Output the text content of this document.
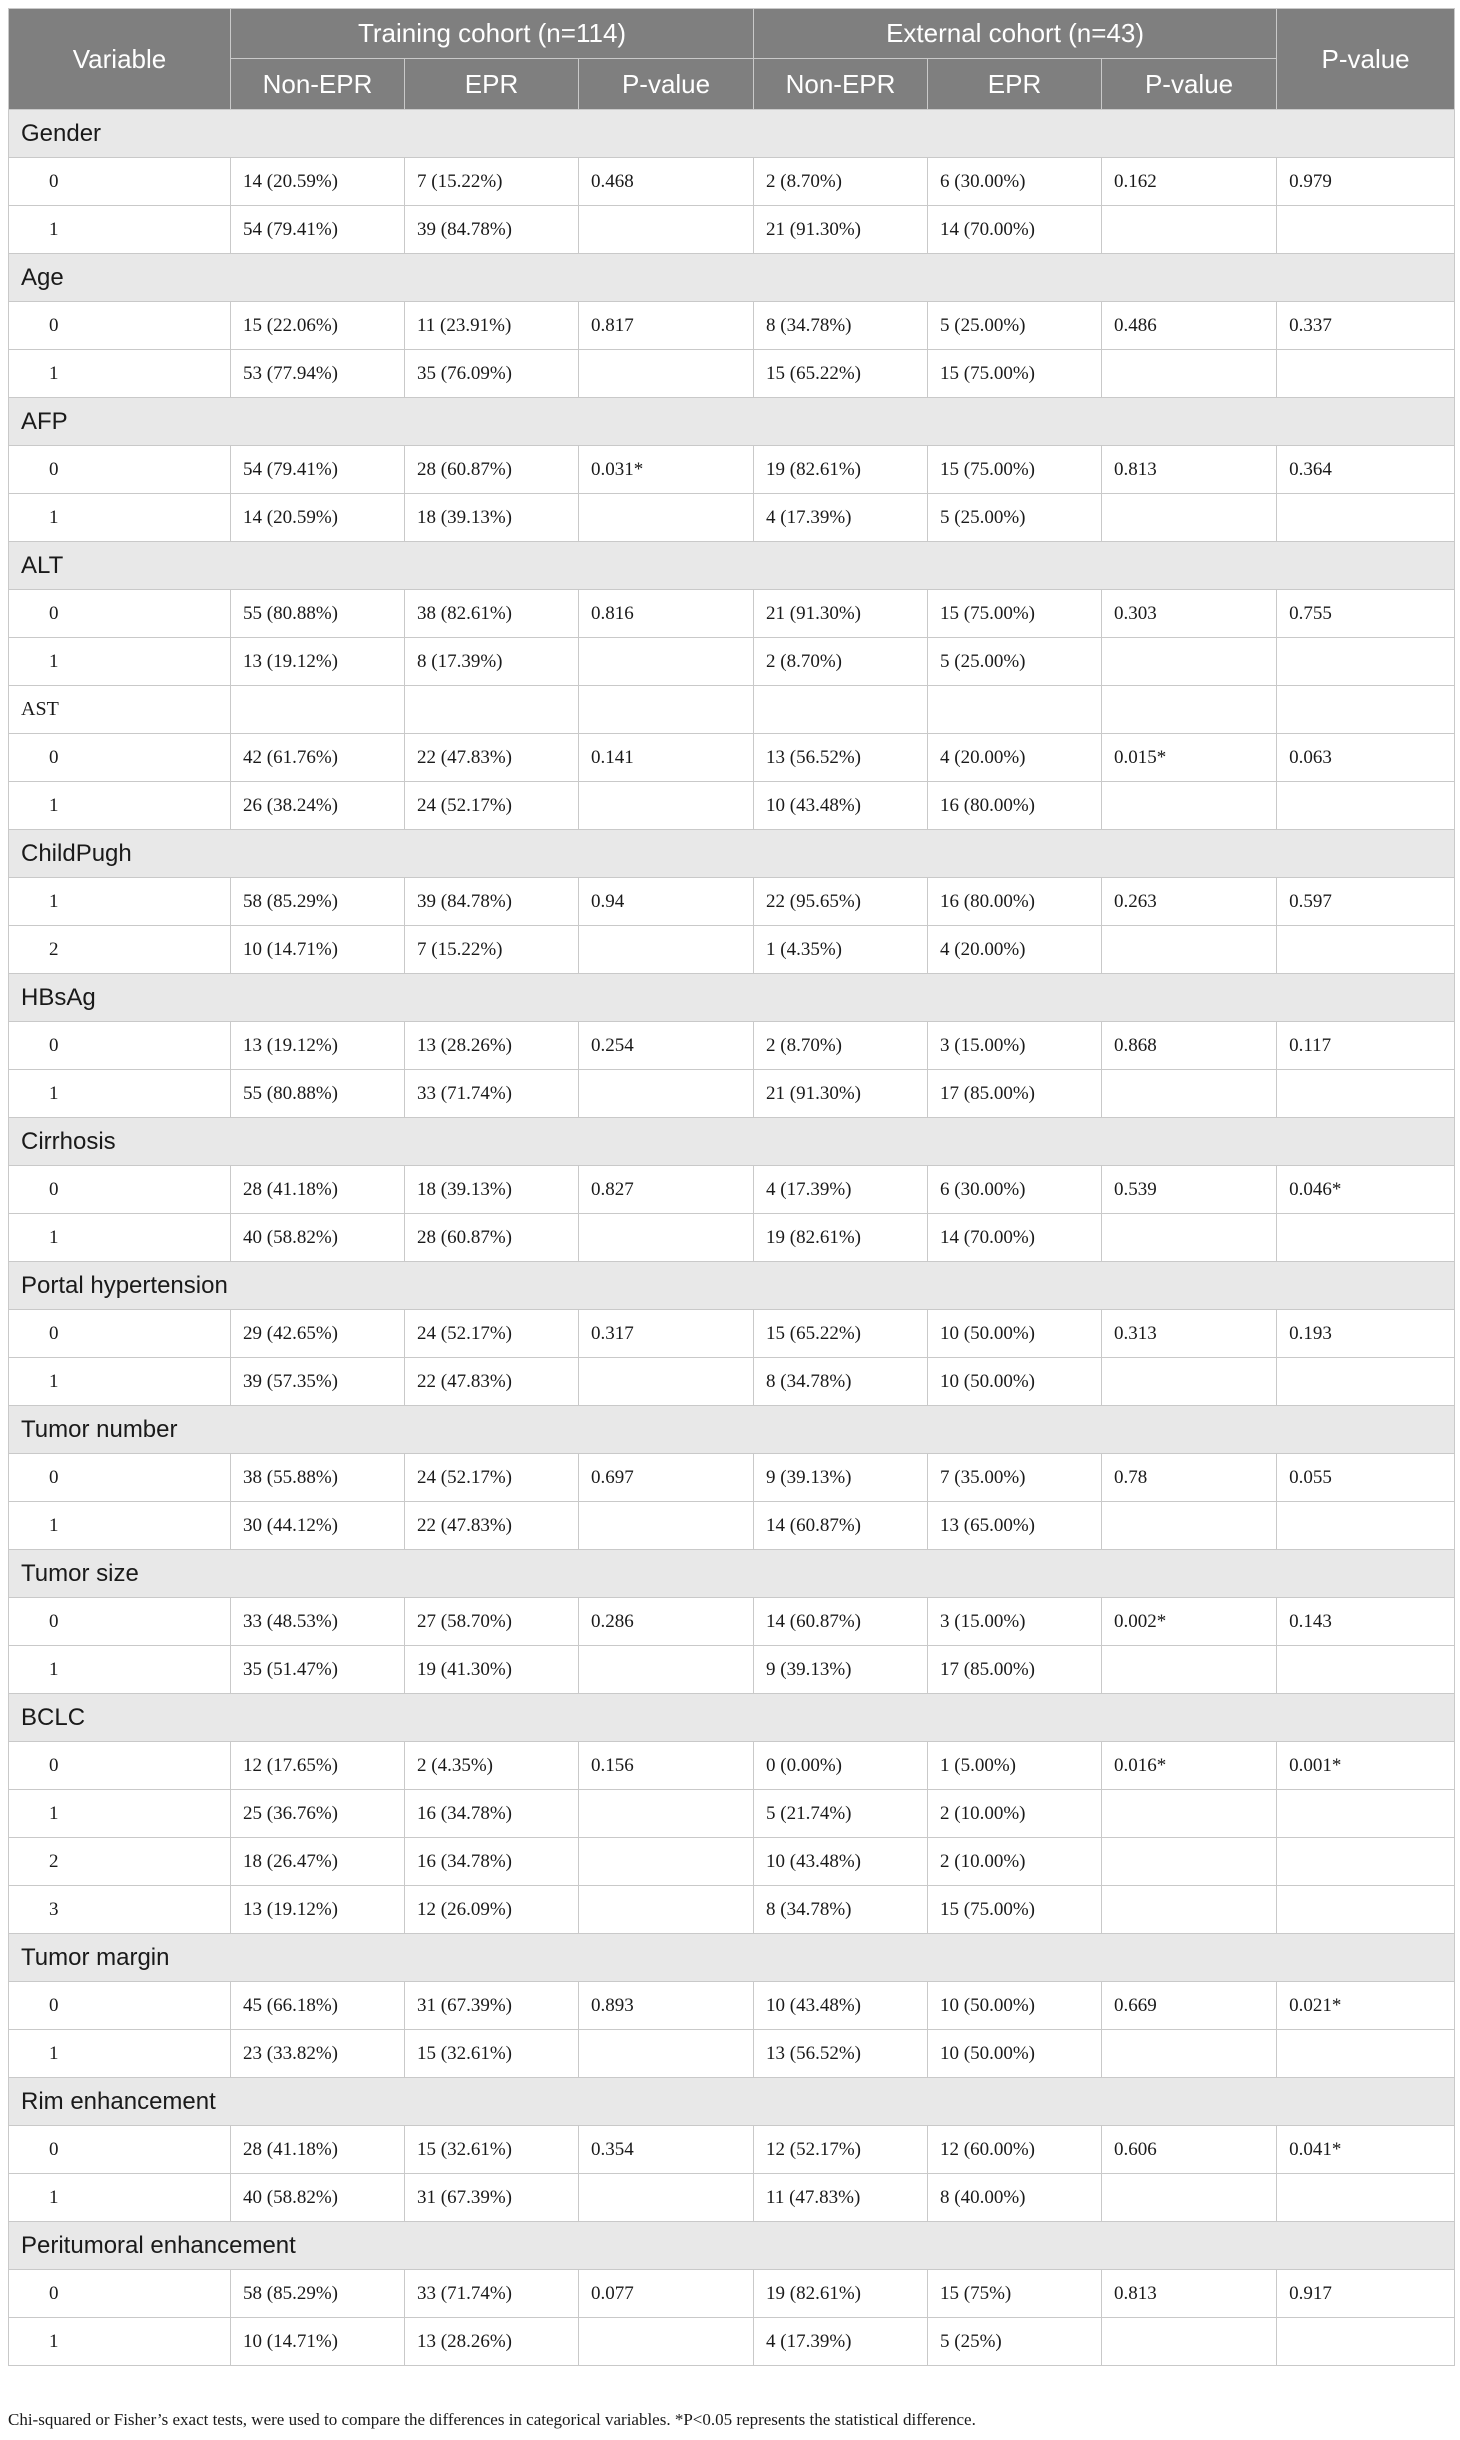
Variable	Training cohort (n=114)			External cohort (n=43)			P-value
	Non-EPR	EPR	P-value	Non-EPR	EPR	P-value	
Gender							
0	14 (20.59%)	7 (15.22%)	0.468	2 (8.70%)	6 (30.00%)	0.162	0.979
1	54 (79.41%)	39 (84.78%)		21 (91.30%)	14 (70.00%)		
Age							
0	15 (22.06%)	11 (23.91%)	0.817	8 (34.78%)	5 (25.00%)	0.486	0.337
1	53 (77.94%)	35 (76.09%)		15 (65.22%)	15 (75.00%)		
AFP							
0	54 (79.41%)	28 (60.87%)	0.031*	19 (82.61%)	15 (75.00%)	0.813	0.364
1	14 (20.59%)	18 (39.13%)		4 (17.39%)	5 (25.00%)		
ALT							
0	55 (80.88%)	38 (82.61%)	0.816	21 (91.30%)	15 (75.00%)	0.303	0.755
1	13 (19.12%)	8 (17.39%)		2 (8.70%)	5 (25.00%)		
AST							
0	42 (61.76%)	22 (47.83%)	0.141	13 (56.52%)	4 (20.00%)	0.015*	0.063
1	26 (38.24%)	24 (52.17%)		10 (43.48%)	16 (80.00%)		
ChildPugh							
1	58 (85.29%)	39 (84.78%)	0.94	22 (95.65%)	16 (80.00%)	0.263	0.597
2	10 (14.71%)	7 (15.22%)		1 (4.35%)	4 (20.00%)		
HBsAg							
0	13 (19.12%)	13 (28.26%)	0.254	2 (8.70%)	3 (15.00%)	0.868	0.117
1	55 (80.88%)	33 (71.74%)		21 (91.30%)	17 (85.00%)		
Cirrhosis							
0	28 (41.18%)	18 (39.13%)	0.827	4 (17.39%)	6 (30.00%)	0.539	0.046*
1	40 (58.82%)	28 (60.87%)		19 (82.61%)	14 (70.00%)		
Portal hypertension							
0	29 (42.65%)	24 (52.17%)	0.317	15 (65.22%)	10 (50.00%)	0.313	0.193
1	39 (57.35%)	22 (47.83%)		8 (34.78%)	10 (50.00%)		
Tumor number							
0	38 (55.88%)	24 (52.17%)	0.697	9 (39.13%)	7 (35.00%)	0.78	0.055
1	30 (44.12%)	22 (47.83%)		14 (60.87%)	13 (65.00%)		
Tumor size							
0	33 (48.53%)	27 (58.70%)	0.286	14 (60.87%)	3 (15.00%)	0.002*	0.143
1	35 (51.47%)	19 (41.30%)		9 (39.13%)	17 (85.00%)		
BCLC							
0	12 (17.65%)	2 (4.35%)	0.156	0 (0.00%)	1 (5.00%)	0.016*	0.001*
1	25 (36.76%)	16 (34.78%)		5 (21.74%)	2 (10.00%)		
2	18 (26.47%)	16 (34.78%)		10 (43.48%)	2 (10.00%)		
3	13 (19.12%)	12 (26.09%)		8 (34.78%)	15 (75.00%)		
Tumor margin							
0	45 (66.18%)	31 (67.39%)	0.893	10 (43.48%)	10 (50.00%)	0.669	0.021*
1	23 (33.82%)	15 (32.61%)		13 (56.52%)	10 (50.00%)		
Rim enhancement							
0	28 (41.18%)	15 (32.61%)	0.354	12 (52.17%)	12 (60.00%)	0.606	0.041*
1	40 (58.82%)	31 (67.39%)		11 (47.83%)	8 (40.00%)		
Peritumoral enhancement							
0	58 (85.29%)	33 (71.74%)	0.077	19 (82.61%)	15 (75%)	0.813	0.917
1	10 (14.71%)	13 (28.26%)		4 (17.39%)	5 (25%)		
Chi-squared or Fisher’s exact tests, were used to compare the differences in categorical variables. *P<0.05 represents the statistical difference.
